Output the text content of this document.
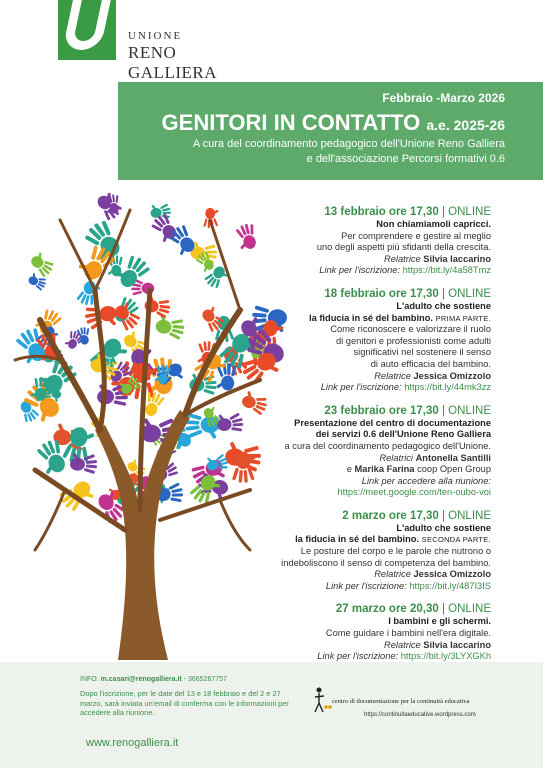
UNIONE
RENO GALLIERA
Febbraio -Marzo 2026
GENITORI IN CONTATTO a.e. 2025-26
A cura del coordinamento pedagogico dell'Unione Reno Galliera
e dell'associazione Percorsi formativi 0.6
13 febbraio ore 17,30 | ONLINE
Non chiamiamoli capricci.
Per comprendere e gestire al meglio
uno degli aspetti più sfidanti della crescita.
Relatrice Silvia Iaccarino
Link per l'iscrizione: https://bit.ly/4a58Tmz
18 febbraio ore 17,30 | ONLINE
L'adulto che sostiene
la fiducia in sé del bambino. PRIMA PARTE.
Come riconoscere e valorizzare il ruolo
di genitori e professionisti come adulti
significativi nel sostenere il senso
di auto efficacia del bambino.
Relatrice Jessica Omizzolo
Link per l'iscrizione: https://bit.ly/44mk3zz
23 febbraio ore 17,30 | ONLINE
Presentazione del centro di documentazione
dei servizi 0.6 dell'Unione Reno Galliera
a cura del coordinamento pedagogico dell'Unione.
Relatrici Antonella Santilli
e Marika Farina coop Open Group
Link per accedere alla riunione:
https://meet.google.com/ten-oubo-voi
2 marzo ore 17,30 | ONLINE
L'adulto che sostiene
la fiducia in sé del bambino. SECONDA PARTE.
Le posture del corpo e le parole che nutrono o
indeboliscono il senso di competenza del bambino.
Relatrice Jessica Omizzolo
Link per l'iscrizione: https://bit.ly/487I3IS
27 marzo ore 20,30 | ONLINE
I bambini e gli schermi.
Come guidare i bambini nell'era digitale.
Relatrice Silvia Iaccarino
Link per l'iscrizione: https://bit.ly/3LYXGKh
INFO: m.casari@renogalliera.it - 3665267757
Dopo l'iscrizione, per le date del 13 e 18 febbraio e del 2 e 27 marzo, sarà inviata un'email di conferma con le informazioni per accedere alla riunione.
www.renogalliera.it
centro di documentazione per la continuità educativa
https://continuitaeducative.wordpress.com
